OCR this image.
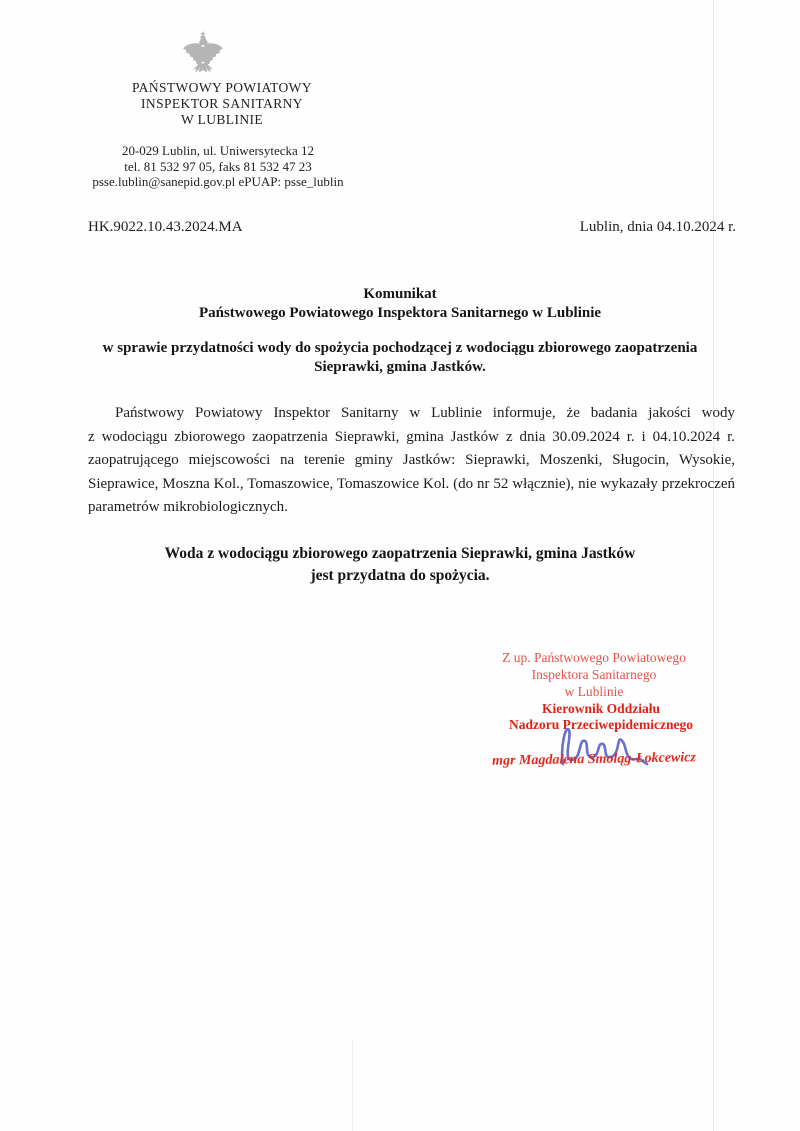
PAŃSTWOWY POWIATOWY
INSPEKTOR SANITARNY
W LUBLINIE
20-029 Lublin, ul. Uniwersytecka 12
tel. 81 532 97 05, faks 81 532 47 23
psse.lublin@sanepid.gov.pl ePUAP: psse_lublin
HK.9022.10.43.2024.MA	Lublin, dnia 04.10.2024 r.
Komunikat
Państwowego Powiatowego Inspektora Sanitarnego w Lublinie
w sprawie przydatności wody do spożycia pochodzącej z wodociągu zbiorowego zaopatrzenia
Sieprawki, gmina Jastków.
Państwowy Powiatowy Inspektor Sanitarny w Lublinie informuje, że badania jakości wody
z wodociągu zbiorowego zaopatrzenia Sieprawki, gmina Jastków z dnia 30.09.2024 r. i 04.10.2024 r.
zaopatrującego miejscowości na terenie gminy Jastków: Sieprawki, Moszenki, Sługocin, Wysokie,
Sieprawice, Moszna Kol., Tomaszowice, Tomaszowice Kol. (do nr 52 włącznie), nie wykazały przekroczeń
parametrów mikrobiologicznych.
Woda z wodociągu zbiorowego zaopatrzenia Sieprawki, gmina Jastków
jest przydatna do spożycia.
Z up. Państwowego Powiatowego
Inspektora Sanitarnego
w Lublinie
Kierownik Oddziału
Nadzoru Przeciwepidemicznego
mgr Magdalena Smoląg-Łokcewicz
